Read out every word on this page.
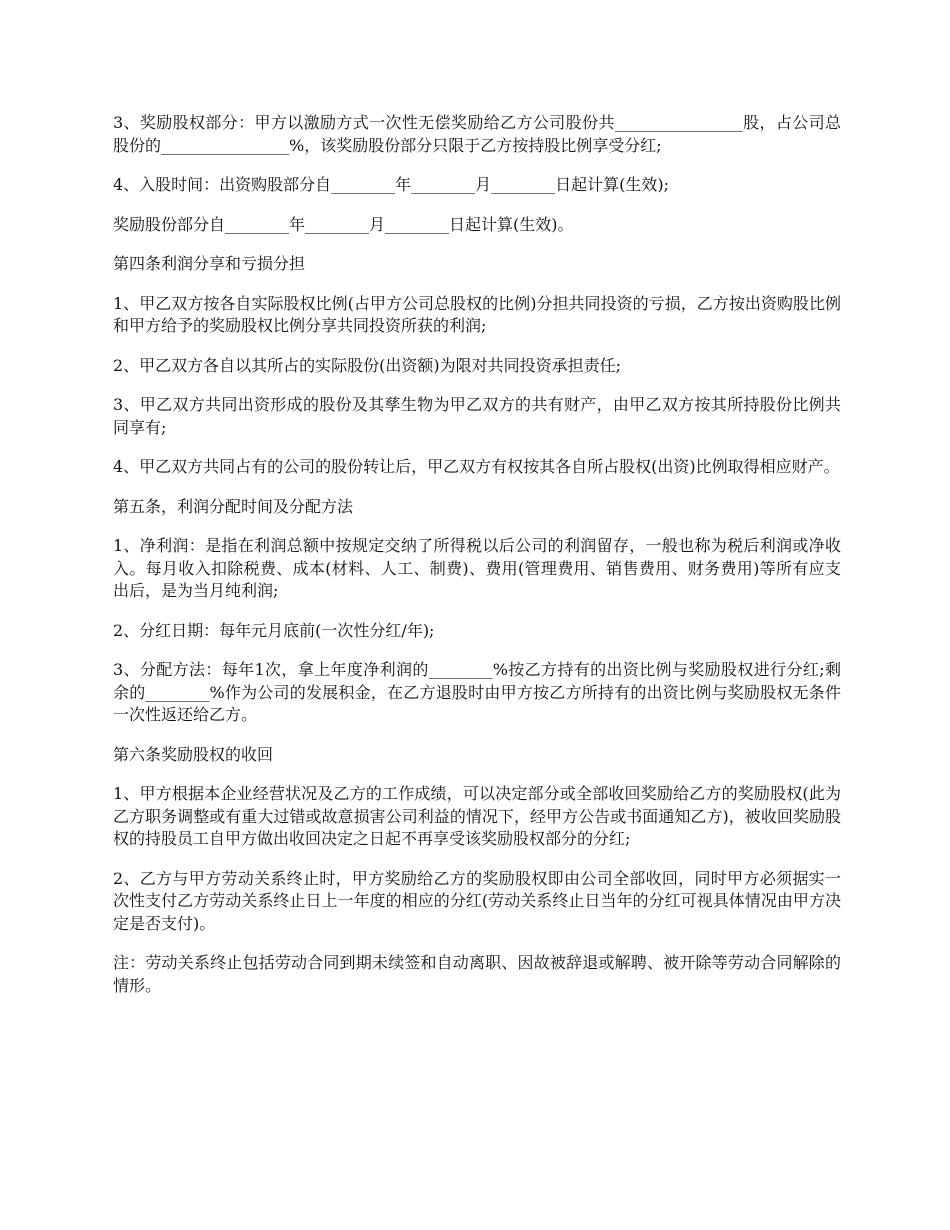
3、奖励股权部分：甲方以激励方式一次性无偿奖励给乙方公司股份共________________股，占公司总股份的________________%，该奖励股份部分只限于乙方按持股比例享受分红;

4、入股时间：出资购股部分自________年________月________日起计算(生效);

奖励股份部分自________年________月________日起计算(生效)。

第四条利润分享和亏损分担

1、甲乙双方按各自实际股权比例(占甲方公司总股权的比例)分担共同投资的亏损，乙方按出资购股比例和甲方给予的奖励股权比例分享共同投资所获的利润;

2、甲乙双方各自以其所占的实际股份(出资额)为限对共同投资承担责任;

3、甲乙双方共同出资形成的股份及其孳生物为甲乙双方的共有财产，由甲乙双方按其所持股份比例共同享有;

4、甲乙双方共同占有的公司的股份转让后，甲乙双方有权按其各自所占股权(出资)比例取得相应财产。

第五条，利润分配时间及分配方法

1、净利润：是指在利润总额中按规定交纳了所得税以后公司的利润留存，一般也称为税后利润或净收入。每月收入扣除税费、成本(材料、人工、制费)、费用(管理费用、销售费用、财务费用)等所有应支出后，是为当月纯利润;

2、分红日期：每年元月底前(一次性分红/年);

3、分配方法：每年1次，拿上年度净利润的________%按乙方持有的出资比例与奖励股权进行分红;剩余的________%作为公司的发展积金，在乙方退股时由甲方按乙方所持有的出资比例与奖励股权无条件一次性返还给乙方。

第六条奖励股权的收回

1、甲方根据本企业经营状况及乙方的工作成绩，可以决定部分或全部收回奖励给乙方的奖励股权(此为乙方职务调整或有重大过错或故意损害公司利益的情况下，经甲方公告或书面通知乙方)，被收回奖励股权的持股员工自甲方做出收回决定之日起不再享受该奖励股权部分的分红;

2、乙方与甲方劳动关系终止时，甲方奖励给乙方的奖励股权即由公司全部收回，同时甲方必须据实一次性支付乙方劳动关系终止日上一年度的相应的分红(劳动关系终止日当年的分红可视具体情况由甲方决定是否支付)。

注：劳动关系终止包括劳动合同到期未续签和自动离职、因故被辞退或解聘、被开除等劳动合同解除的情形。
